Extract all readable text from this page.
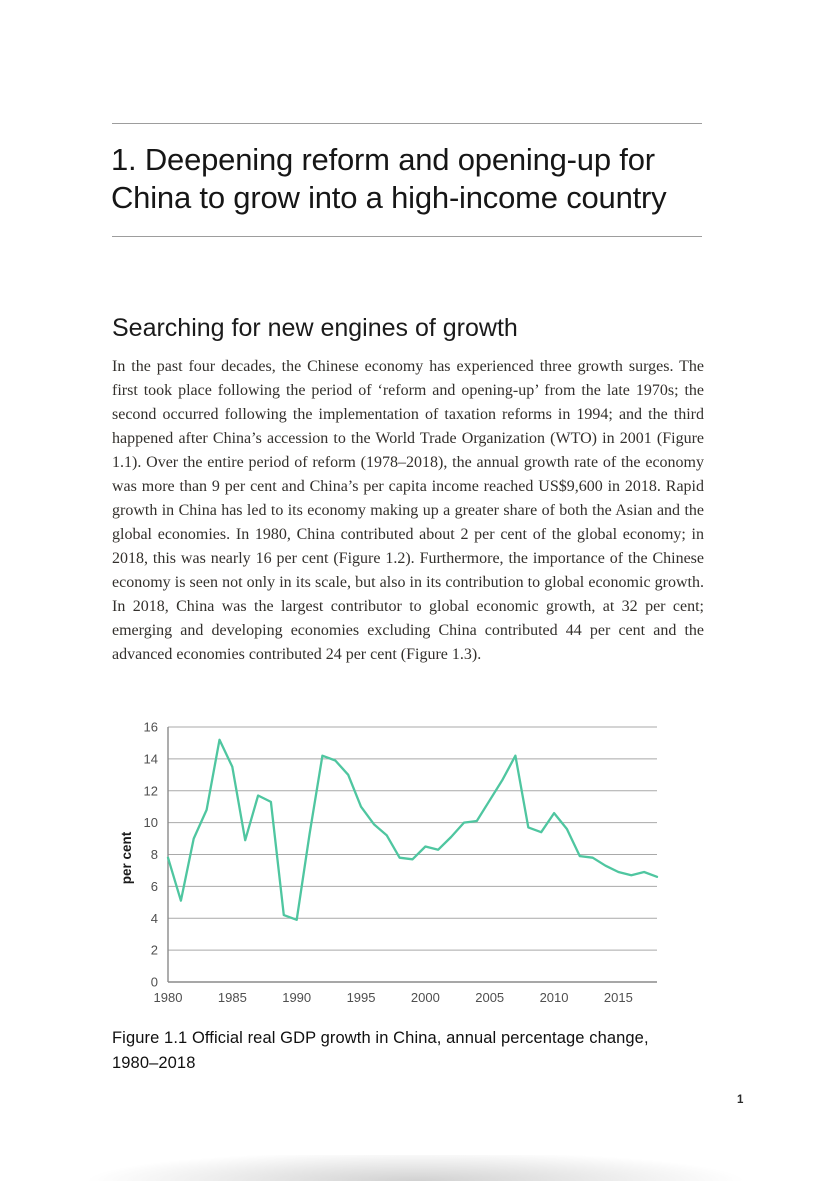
1. Deepening reform and opening-up for
China to grow into a high-income country
Searching for new engines of growth
In the past four decades, the Chinese economy has experienced three growth surges. The first took place following the period of ‘reform and opening-up’ from the late 1970s; the second occurred following the implementation of taxation reforms in 1994; and the third happened after China’s accession to the World Trade Organization (WTO) in 2001 (Figure 1.1). Over the entire period of reform (1978–2018), the annual growth rate of the economy was more than 9 per cent and China’s per capita income reached US$9,600 in 2018. Rapid growth in China has led to its economy making up a greater share of both the Asian and the global economies. In 1980, China contributed about 2 per cent of the global economy; in 2018, this was nearly 16 per cent (Figure 1.2). Furthermore, the importance of the Chinese economy is seen not only in its scale, but also in its contribution to global economic growth. In 2018, China was the largest contributor to global economic growth, at 32 per cent; emerging and developing economies excluding China contributed 44 per cent and the advanced economies contributed 24 per cent (Figure 1.3).
0
2
4
6
8
10
12
14
16
1980	1985	1990	1995	2000	2005	2010	2015
per cent
Figure 1.1 Official real GDP growth in China, annual percentage change, 1980–2018
1
